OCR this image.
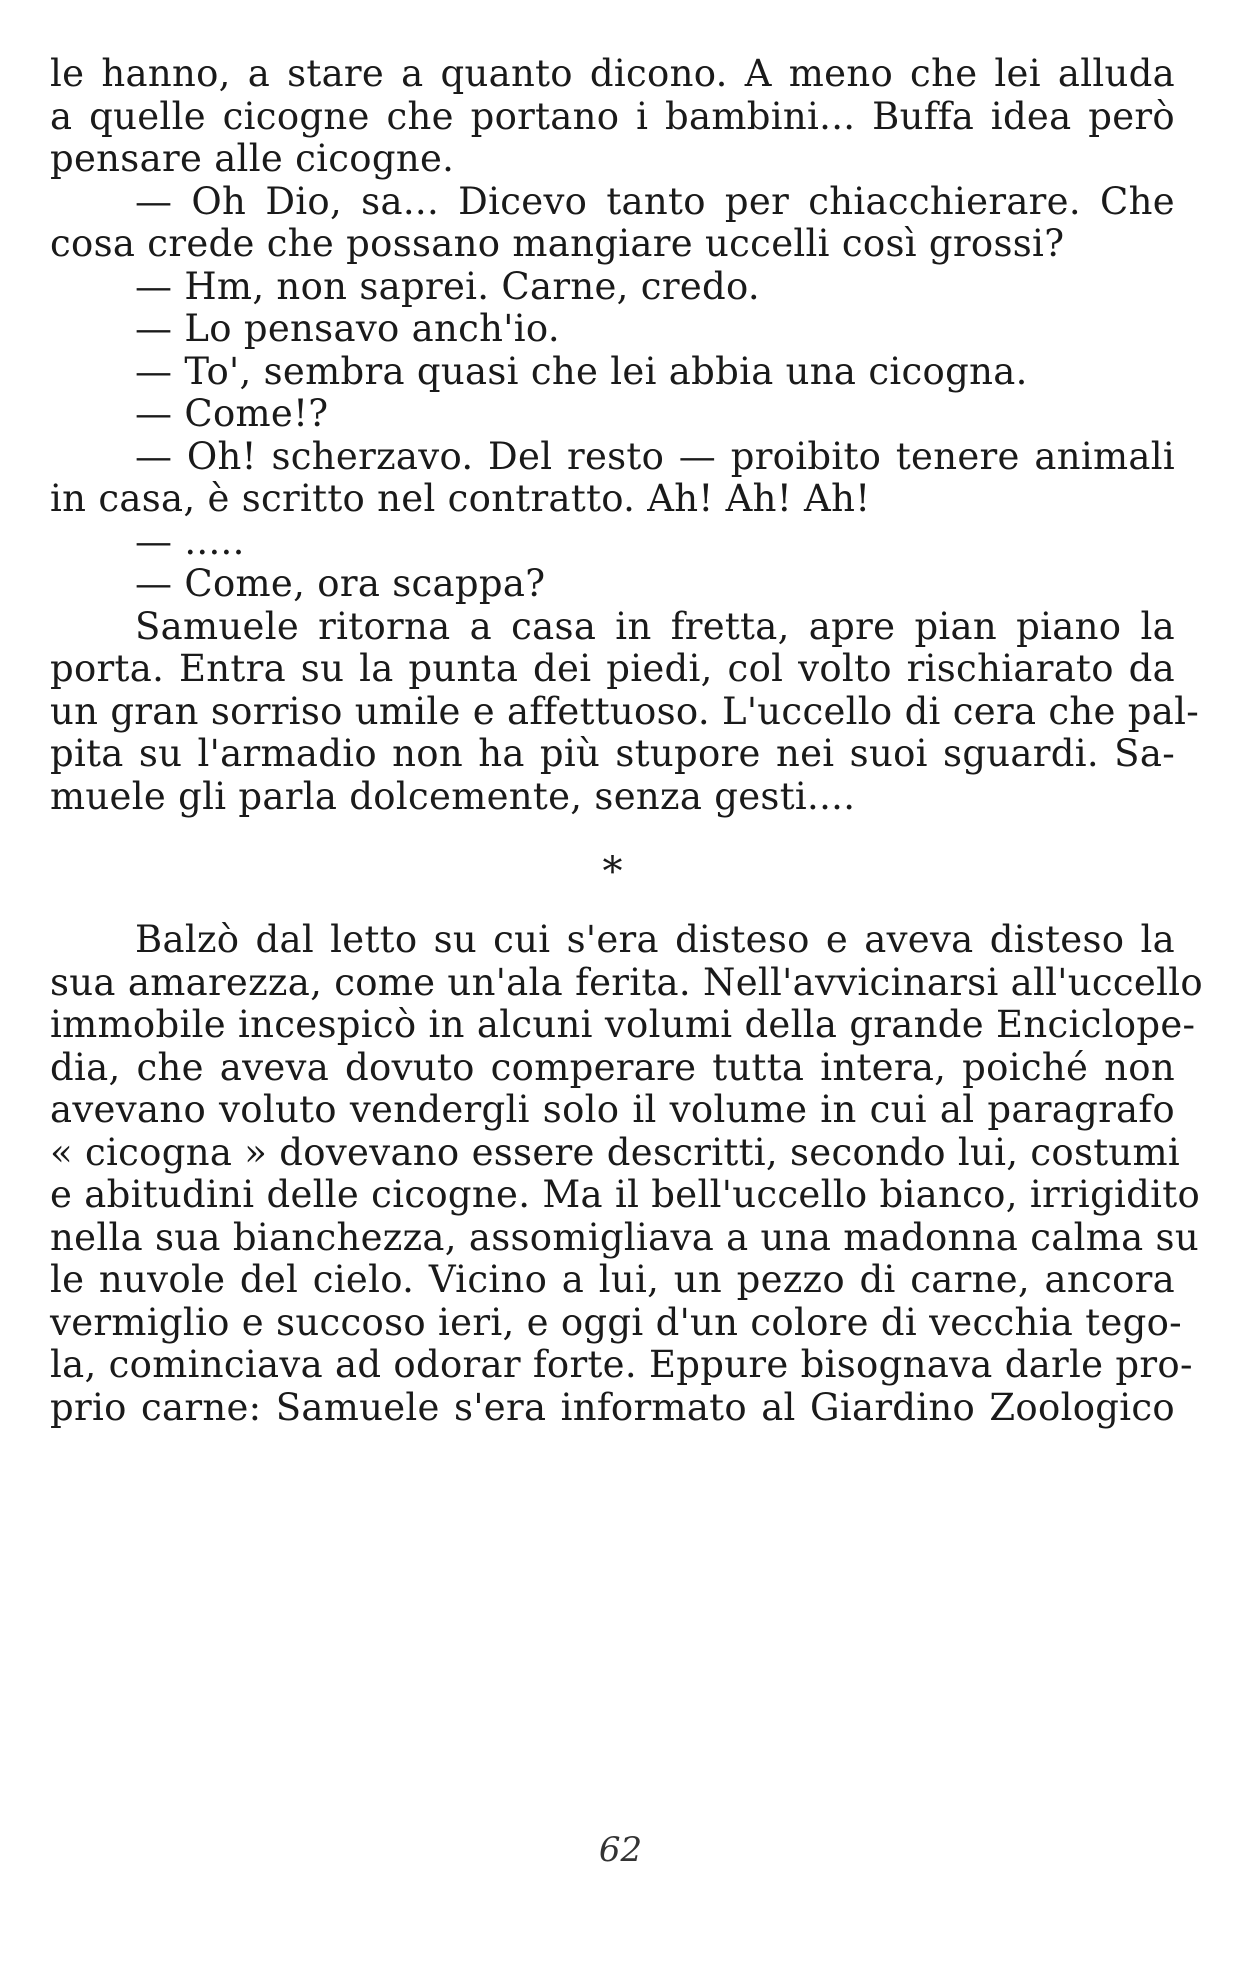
le hanno, a stare a quanto dicono. A meno che lei alluda
a quelle cicogne che portano i bambini... Buffa idea però
pensare alle cicogne.
— Oh Dio, sa... Dicevo tanto per chiacchierare. Che
cosa crede che possano mangiare uccelli così grossi?
— Hm, non saprei. Carne, credo.
— Lo pensavo anch'io.
— To', sembra quasi che lei abbia una cicogna.
— Come!?
— Oh! scherzavo. Del resto — proibito tenere animali
in casa, è scritto nel contratto. Ah! Ah! Ah!
— .....
— Come, ora scappa?
Samuele ritorna a casa in fretta, apre pian piano la
porta. Entra su la punta dei piedi, col volto rischiarato da
un gran sorriso umile e affettuoso. L'uccello di cera che pal-
pita su l'armadio non ha più stupore nei suoi sguardi. Sa-
muele gli parla dolcemente, senza gesti....
*
Balzò dal letto su cui s'era disteso e aveva disteso la
sua amarezza, come un'ala ferita. Nell'avvicinarsi all'uccello
immobile incespicò in alcuni volumi della grande Enciclope-
dia, che aveva dovuto comperare tutta intera, poiché non
avevano voluto vendergli solo il volume in cui al paragrafo
« cicogna » dovevano essere descritti, secondo lui, costumi
e abitudini delle cicogne. Ma il bell'uccello bianco, irrigidito
nella sua bianchezza, assomigliava a una madonna calma su
le nuvole del cielo. Vicino a lui, un pezzo di carne, ancora
vermiglio e succoso ieri, e oggi d'un colore di vecchia tego-
la, cominciava ad odorar forte. Eppure bisognava darle pro-
prio carne: Samuele s'era informato al Giardino Zoologico
62
